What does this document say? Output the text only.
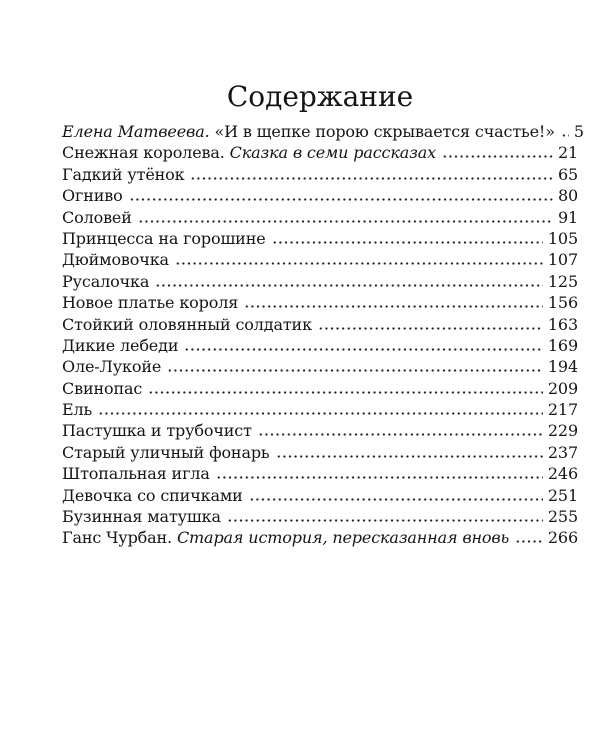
Содержание
Елена Матвеева. «И в щепке порою скрывается счастье!» 5
Снежная королева. Сказка в семи рассказах	21
Гадкий утёнок	65
Огниво	80
Соловей	91
Принцесса на горошине	105
Дюймовочка	107
Русалочка	125
Новое платье короля	156
Стойкий оловянный солдатик	163
Дикие лебеди	169
Оле-Лукойе	194
Свинопас	209
Ель	217
Пастушка и трубочист	229
Старый уличный фонарь	237
Штопальная игла	246
Девочка со спичками	251
Бузинная матушка	255
Ганс Чурбан. Старая история, пересказанная вновь 266
